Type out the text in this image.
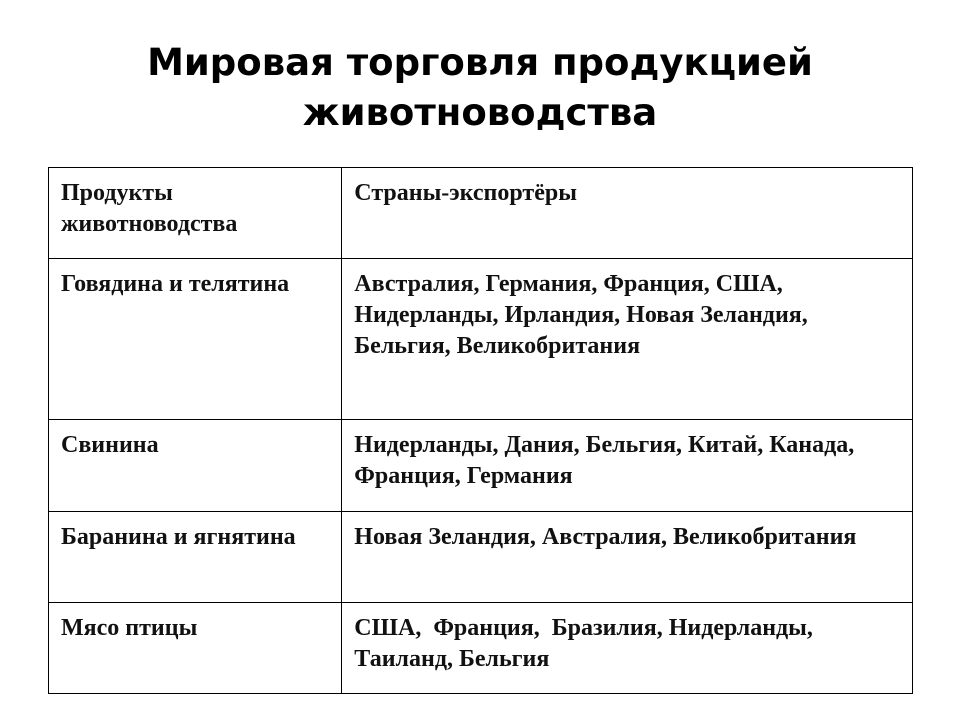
Мировая торговля продукцией
животноводства
Продукты животноводства	Страны-экспортёры
Говядина и телятина	Австралия, Германия, Франция, США, Нидерланды, Ирландия, Новая Зеландия, Бельгия, Великобритания
Свинина	Нидерланды, Дания, Бельгия, Китай, Канада, Франция, Германия
Баранина и ягнятина	Новая Зеландия, Австралия, Великобритания
Мясо птицы	США,  Франция,  Бразилия, Нидерланды, Таиланд, Бельгия
